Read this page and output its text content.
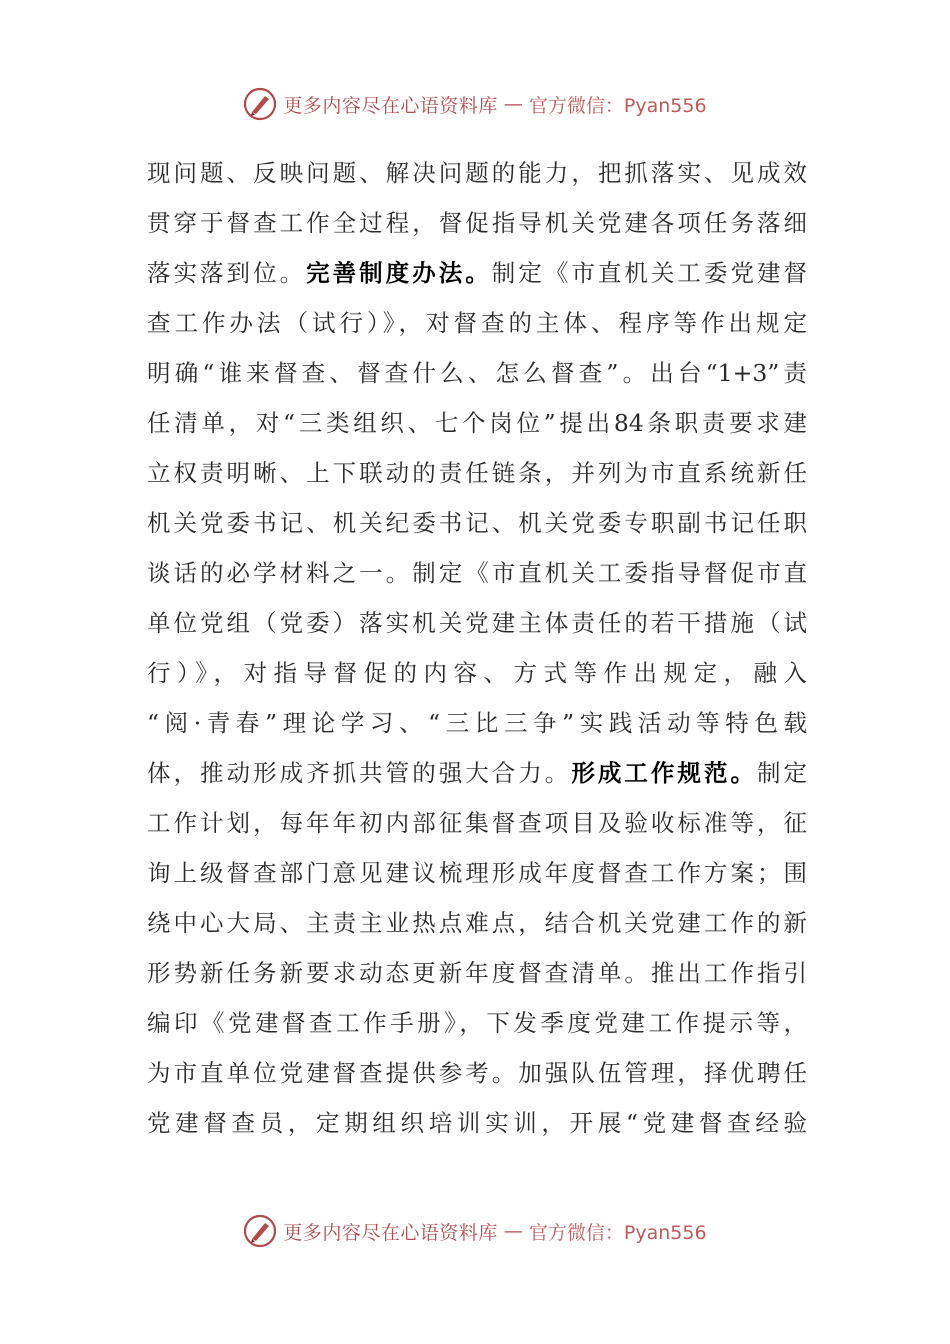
更多内容尽在心语资料库 — 官方微信：Pyan556
现问题、反映问题、解决问题的能力，把抓落实、见成效
贯穿于督查工作全过程，督促指导机关党建各项任务落细
落实落到位。完善制度办法。制定《市直机关工委党建督
查工作办法（试行）》，对督查的主体、程序等作出规定
明确“谁来督查、督查什么、怎么督查”。出台“1+3”责
任清单，对“三类组织、七个岗位”提出84条职责要求建
立权责明晰、上下联动的责任链条，并列为市直系统新任
机关党委书记、机关纪委书记、机关党委专职副书记任职
谈话的必学材料之一。制定《市直机关工委指导督促市直
单位党组（党委）落实机关党建主体责任的若干措施（试
行）》，对指导督促的内容、方式等作出规定，融入
“阅·青春”理论学习、“三比三争”实践活动等特色载
体，推动形成齐抓共管的强大合力。形成工作规范。制定
工作计划，每年年初内部征集督查项目及验收标准等，征
询上级督查部门意见建议梳理形成年度督查工作方案；围
绕中心大局、主责主业热点难点，结合机关党建工作的新
形势新任务新要求动态更新年度督查清单。推出工作指引
编印《党建督查工作手册》，下发季度党建工作提示等，
为市直单位党建督查提供参考。加强队伍管理，择优聘任
党建督查员，定期组织培训实训，开展“党建督查经验
更多内容尽在心语资料库 — 官方微信：Pyan556
